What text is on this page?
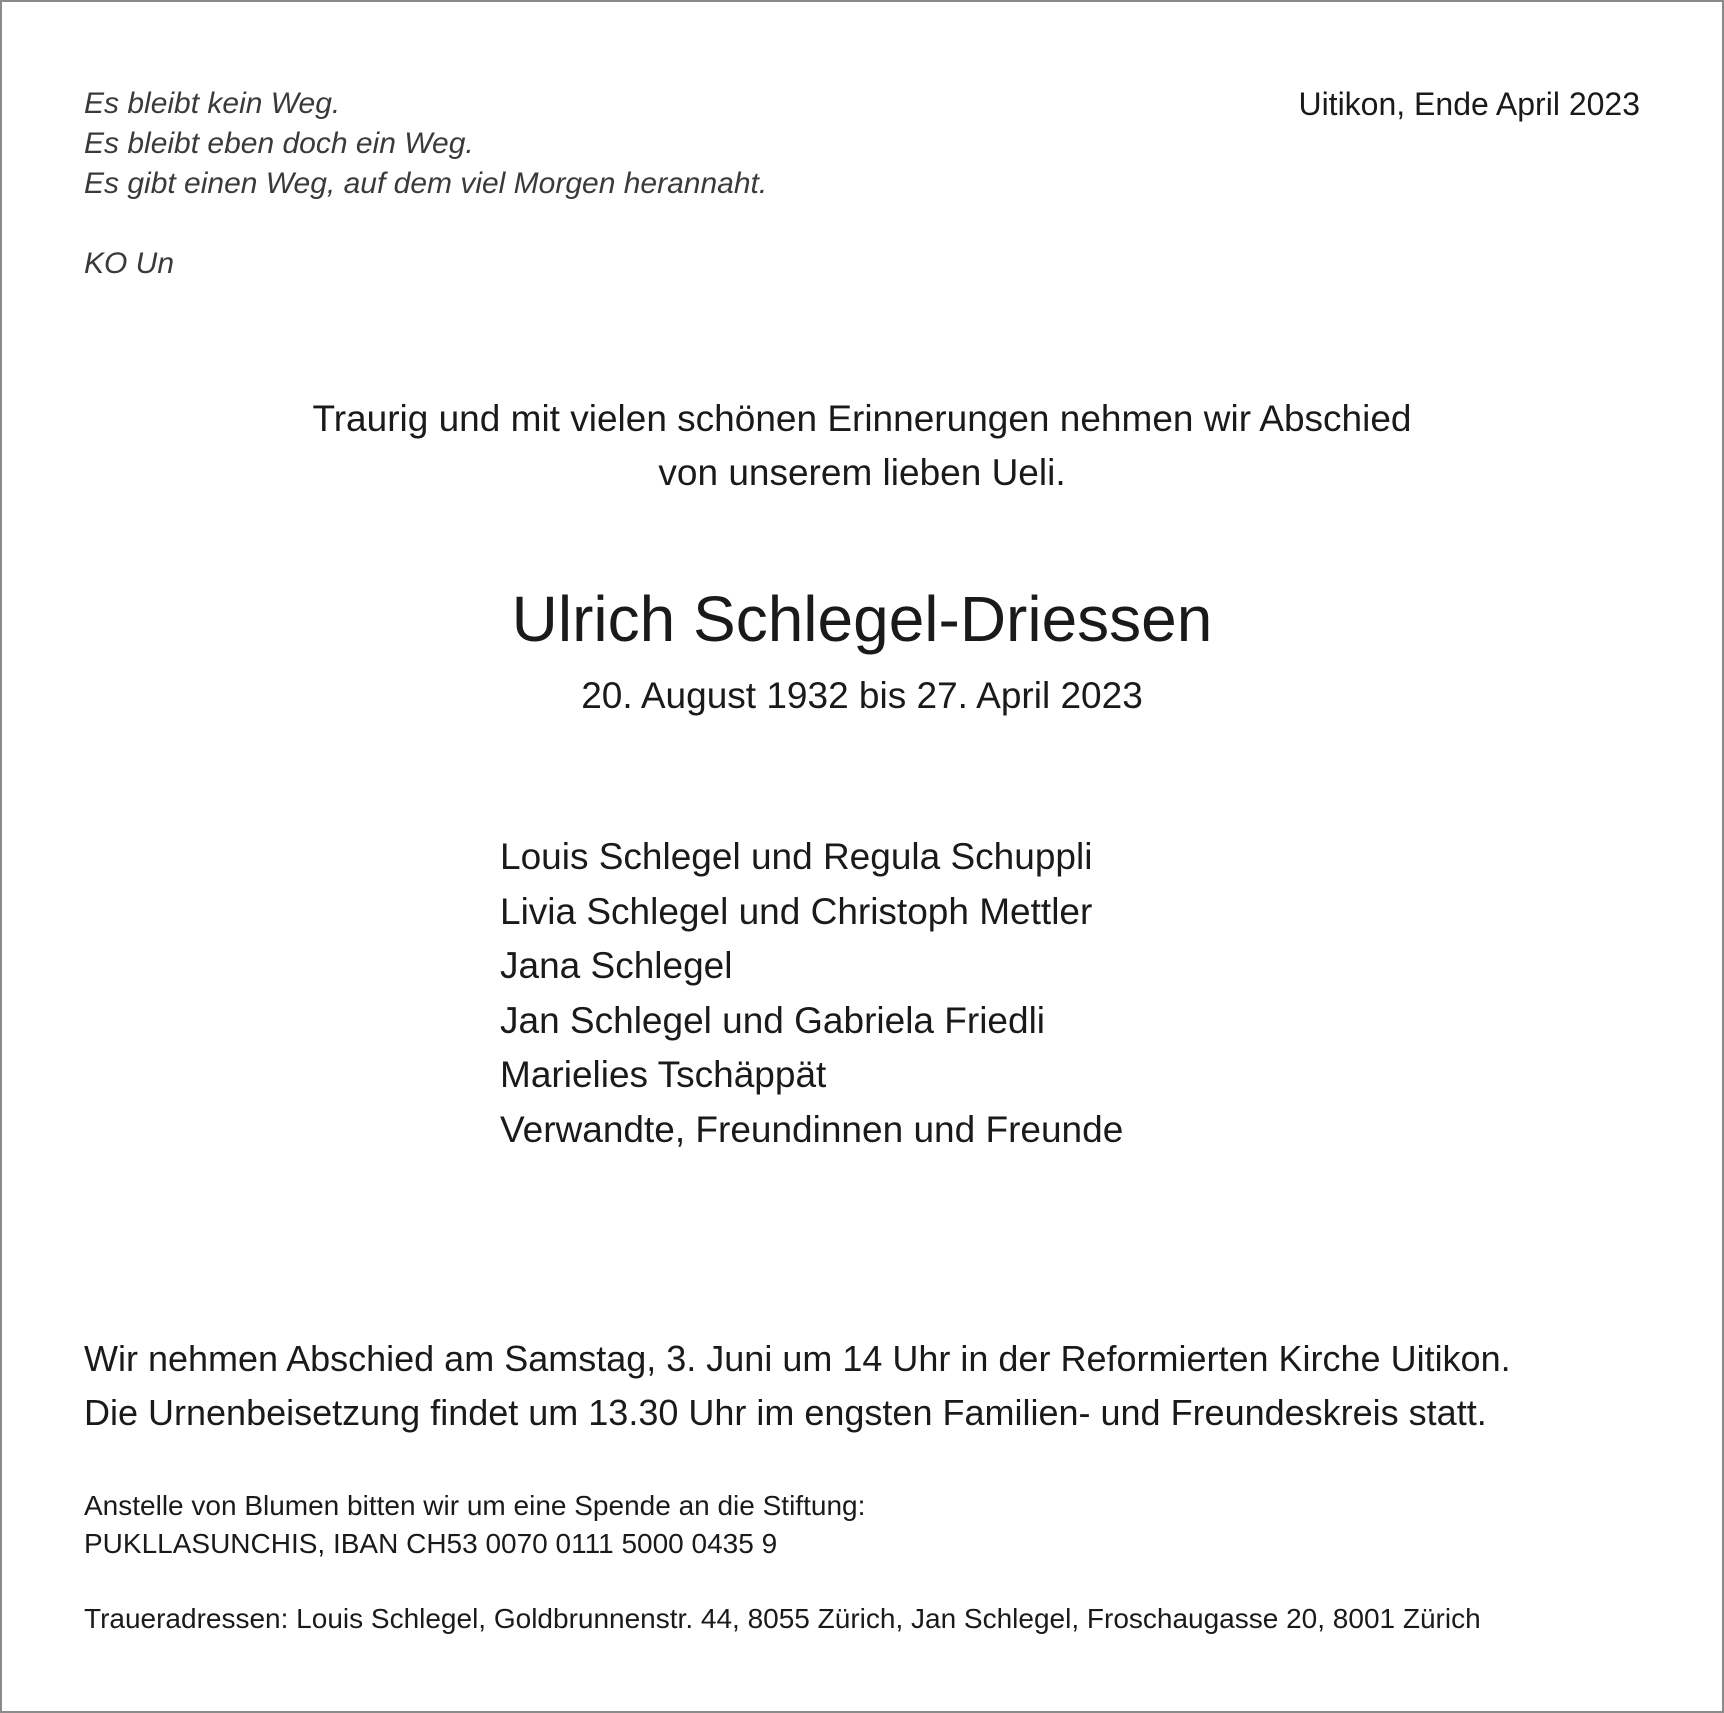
Es bleibt kein Weg.
Es bleibt eben doch ein Weg.
Es gibt einen Weg, auf dem viel Morgen herannaht.
KO Un
Uitikon, Ende April 2023
Traurig und mit vielen schönen Erinnerungen nehmen wir Abschied
von unserem lieben Ueli.
Ulrich Schlegel-Driessen
20. August 1932 bis 27. April 2023
Louis Schlegel und Regula Schuppli
Livia Schlegel und Christoph Mettler
Jana Schlegel
Jan Schlegel und Gabriela Friedli
Marielies Tschäppät
Verwandte, Freundinnen und Freunde
Wir nehmen Abschied am Samstag, 3. Juni um 14 Uhr in der Reformierten Kirche Uitikon.
Die Urnenbeisetzung findet um 13.30 Uhr im engsten Familien- und Freundeskreis statt.
Anstelle von Blumen bitten wir um eine Spende an die Stiftung:
PUKLLASUNCHIS, IBAN CH53 0070 0111 5000 0435 9
Traueradressen: Louis Schlegel, Goldbrunnenstr. 44, 8055 Zürich, Jan Schlegel, Froschaugasse 20, 8001 Zürich
